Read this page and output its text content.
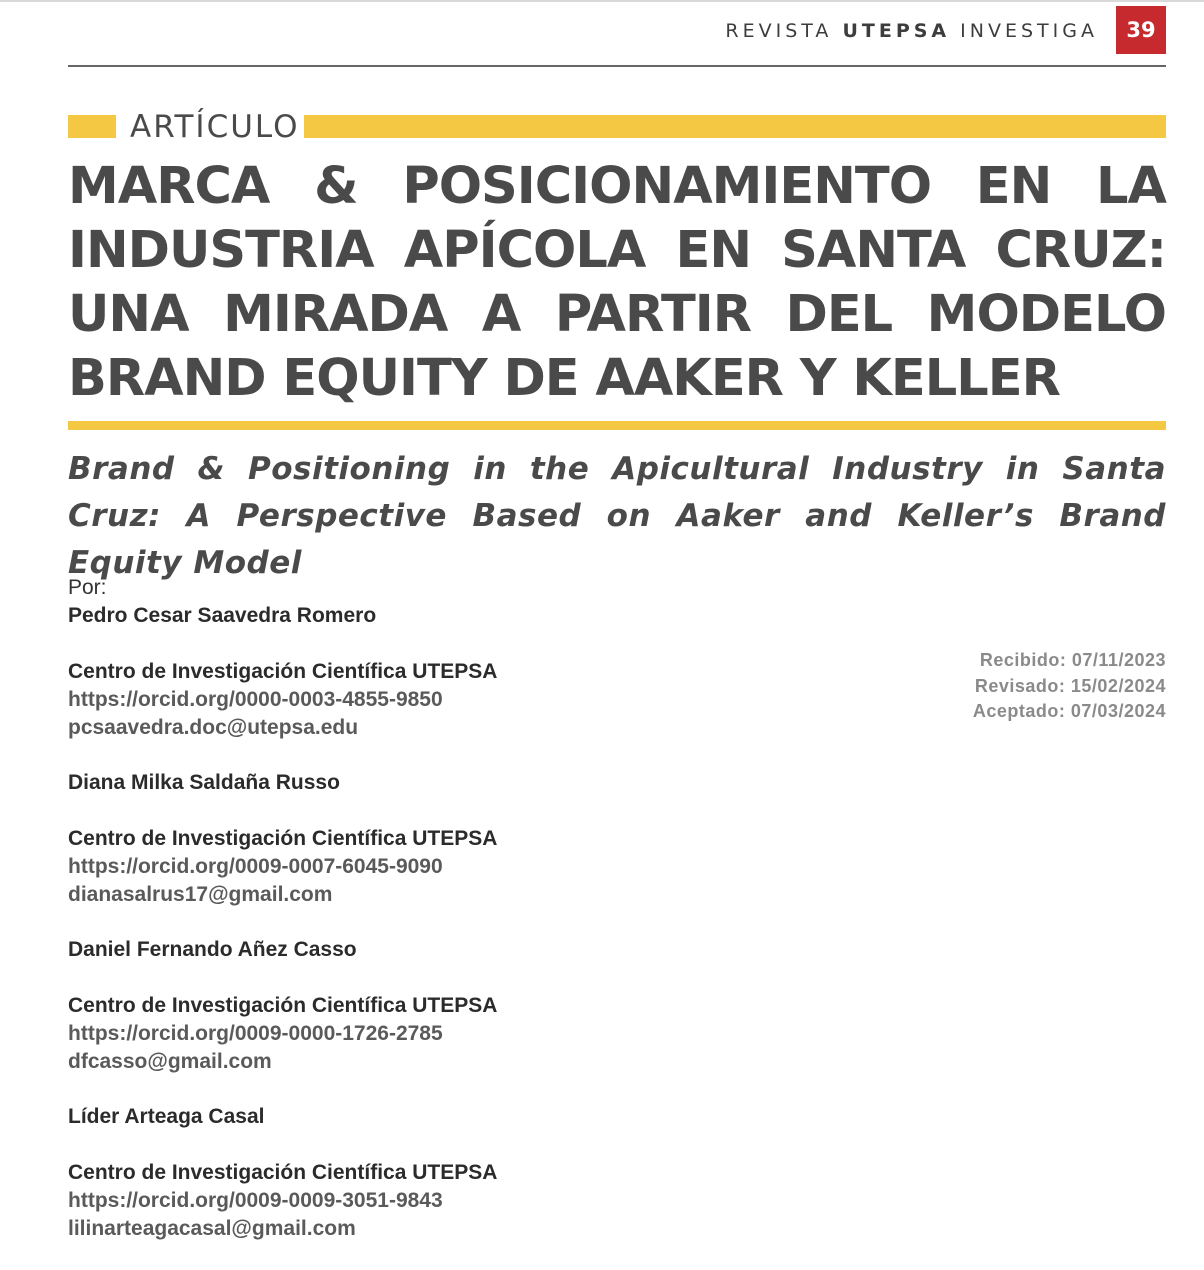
REVISTA UTEPSA INVESTIGA	39
ARTÍCULO
MARCA & POSICIONAMIENTO EN LA INDUSTRIA APÍCOLA EN SANTA CRUZ: UNA MIRADA A PARTIR DEL MODELO BRAND EQUITY DE AAKER Y KELLER
Brand & Positioning in the Apicultural Industry in Santa Cruz: A Perspective Based on Aaker and Keller’s Brand Equity Model
Por:
Pedro Cesar Saavedra Romero
Centro de Investigación Científica UTEPSA
https://orcid.org/0000-0003-4855-9850
pcsaavedra.doc@utepsa.edu
Diana Milka Saldaña Russo
Centro de Investigación Científica UTEPSA
https://orcid.org/0009-0007-6045-9090
dianasalrus17@gmail.com
Daniel Fernando Añez Casso
Centro de Investigación Científica UTEPSA
https://orcid.org/0009-0000-1726-2785
dfcasso@gmail.com
Líder Arteaga Casal
Centro de Investigación Científica UTEPSA
https://orcid.org/0009-0009-3051-9843
lilinarteagacasal@gmail.com
Recibido: 07/11/2023
Revisado: 15/02/2024
Aceptado: 07/03/2024
